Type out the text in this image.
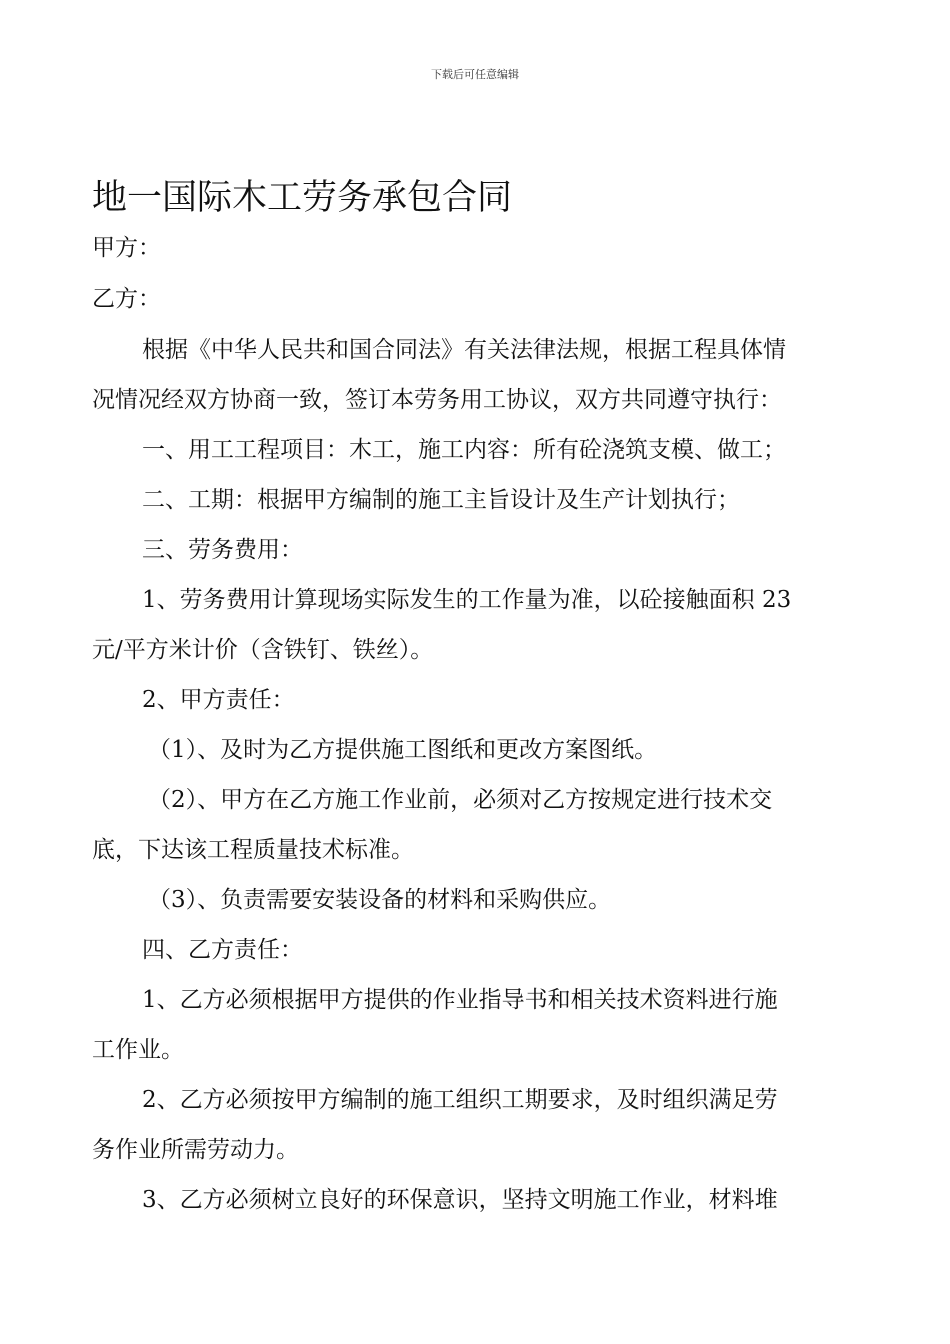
下载后可任意编辑
地一国际木工劳务承包合同
甲方：
乙方：
根据《中华人民共和国合同法》有关法律法规，根据工程具体情
况情况经双方协商一致，签订本劳务用工协议，双方共同遵守执行：
一、用工工程项目：木工，施工内容：所有砼浇筑支模、做工；
二、工期：根据甲方编制的施工主旨设计及生产计划执行；
三、劳务费用：
1、劳务费用计算现场实际发生的工作量为准，以砼接触面积 23
元/平方米计价（含铁钉、铁丝）。
2、甲方责任：
（1）、及时为乙方提供施工图纸和更改方案图纸。
（2）、甲方在乙方施工作业前，必须对乙方按规定进行技术交
底，下达该工程质量技术标准。
（3）、负责需要安装设备的材料和采购供应。
四、乙方责任：
1、乙方必须根据甲方提供的作业指导书和相关技术资料进行施
工作业。
2、乙方必须按甲方编制的施工组织工期要求，及时组织满足劳
务作业所需劳动力。
3、乙方必须树立良好的环保意识，坚持文明施工作业，材料堆
